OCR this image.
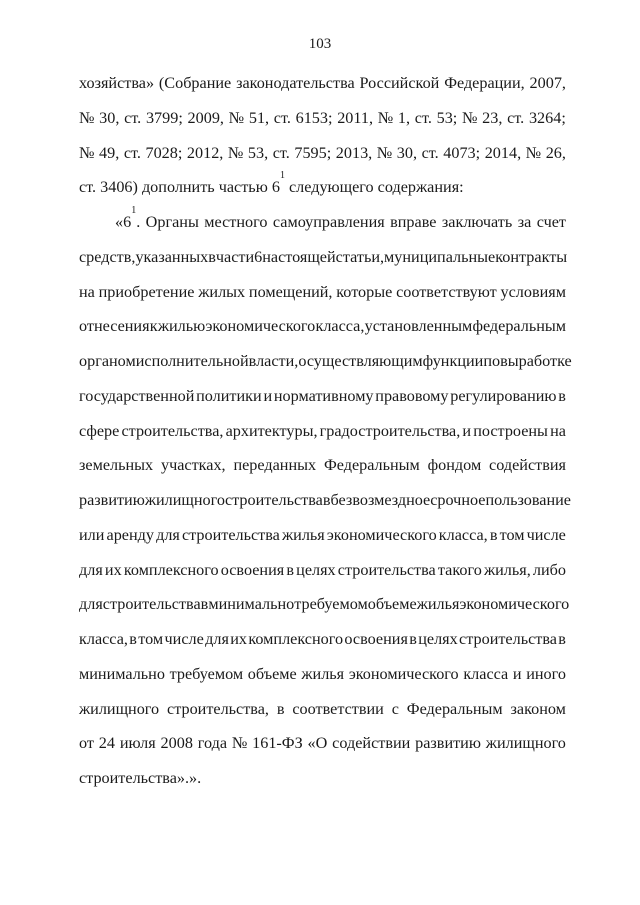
103
хозяйства» (Собрание законодательства Российской Федерации, 2007,
№ 30, ст. 3799; 2009, № 51, ст. 6153; 2011, № 1, ст. 53; № 23, ст. 3264;
№ 49, ст. 7028; 2012, № 53, ст. 7595; 2013, № 30, ст. 4073; 2014, № 26,
ст. 3406) дополнить частью 6
$^1$
следующего содержания:
«$6^1$. Органы местного самоуправления вправе заключать за счет
средств, указанных в части 6 настоящей статьи, муниципальные контракты
на приобретение жилых помещений, которые соответствуют условиям
отнесения к жилью экономического класса, установленным федеральным
органом исполнительной власти, осуществляющим функции по выработке
государственной политики и нормативному правовому регулированию в
сфере строительства, архитектуры, градостроительства, и построены на
земельных участках, переданных Федеральным фондом содействия
развитию жилищного строительства в безвозмездное срочное пользование
или аренду для строительства жилья экономического класса, в том числе
для их комплексного освоения в целях строительства такого жилья, либо
для строительства в минимально требуемом объеме жилья экономического
класса, в том числе для их комплексного освоения в целях строительства в
минимально требуемом объеме жилья экономического класса и иного
жилищного строительства, в соответствии с Федеральным законом
от 24 июля 2008 года № 161-ФЗ «О содействии развитию жилищного
строительства».».
